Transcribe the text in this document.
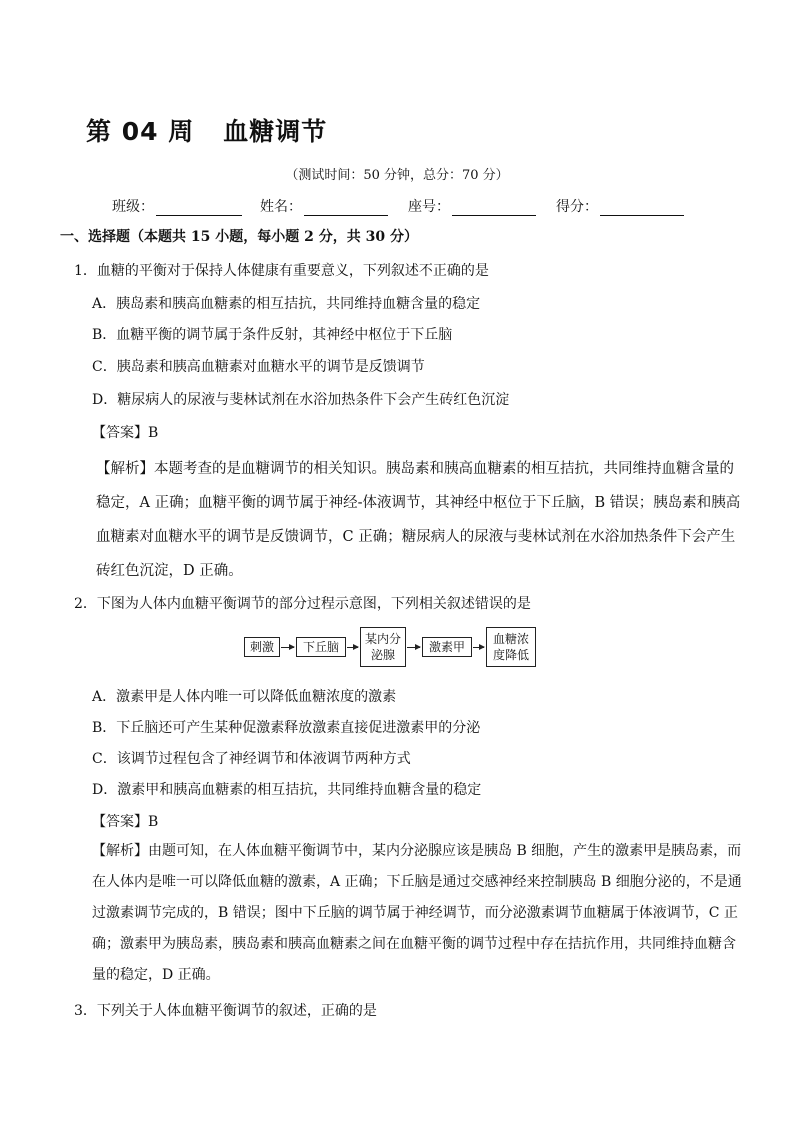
第 04 周   血糖调节
（测试时间：50 分钟，总分：70 分）
班级：	姓名：	座号：	得分：
一、选择题（本题共 15 小题，每小题 2 分，共 30 分）
1．血糖的平衡对于保持人体健康有重要意义，下列叙述不正确的是
A．胰岛素和胰高血糖素的相互拮抗，共同维持血糖含量的稳定
B．血糖平衡的调节属于条件反射，其神经中枢位于下丘脑
C．胰岛素和胰高血糖素对血糖水平的调节是反馈调节
D．糖尿病人的尿液与斐林试剂在水浴加热条件下会产生砖红色沉淀
【答案】B
【解析】本题考查的是血糖调节的相关知识。胰岛素和胰高血糖素的相互拮抗，共同维持血糖含量的稳定，A 正确；血糖平衡的调节属于神经-体液调节，其神经中枢位于下丘脑，B 错误；胰岛素和胰高血糖素对血糖水平的调节是反馈调节，C 正确；糖尿病人的尿液与斐林试剂在水浴加热条件下会产生砖红色沉淀，D 正确。
2．下图为人体内血糖平衡调节的部分过程示意图，下列相关叙述错误的是
刺激	下丘脑
某内分泌腺
激素甲
血糖浓度降低
A．激素甲是人体内唯一可以降低血糖浓度的激素
B．下丘脑还可产生某种促激素释放激素直接促进激素甲的分泌
C．该调节过程包含了神经调节和体液调节两种方式
D．激素甲和胰高血糖素的相互拮抗，共同维持血糖含量的稳定
【答案】B
【解析】由题可知，在人体血糖平衡调节中，某内分泌腺应该是胰岛 B 细胞，产生的激素甲是胰岛素，而在人体内是唯一可以降低血糖的激素，A 正确；下丘脑是通过交感神经来控制胰岛 B 细胞分泌的，不是通过激素调节完成的，B 错误；图中下丘脑的调节属于神经调节，而分泌激素调节血糖属于体液调节，C 正确；激素甲为胰岛素，胰岛素和胰高血糖素之间在血糖平衡的调节过程中存在拮抗作用，共同维持血糖含量的稳定，D 正确。
3．下列关于人体血糖平衡调节的叙述，正确的是
